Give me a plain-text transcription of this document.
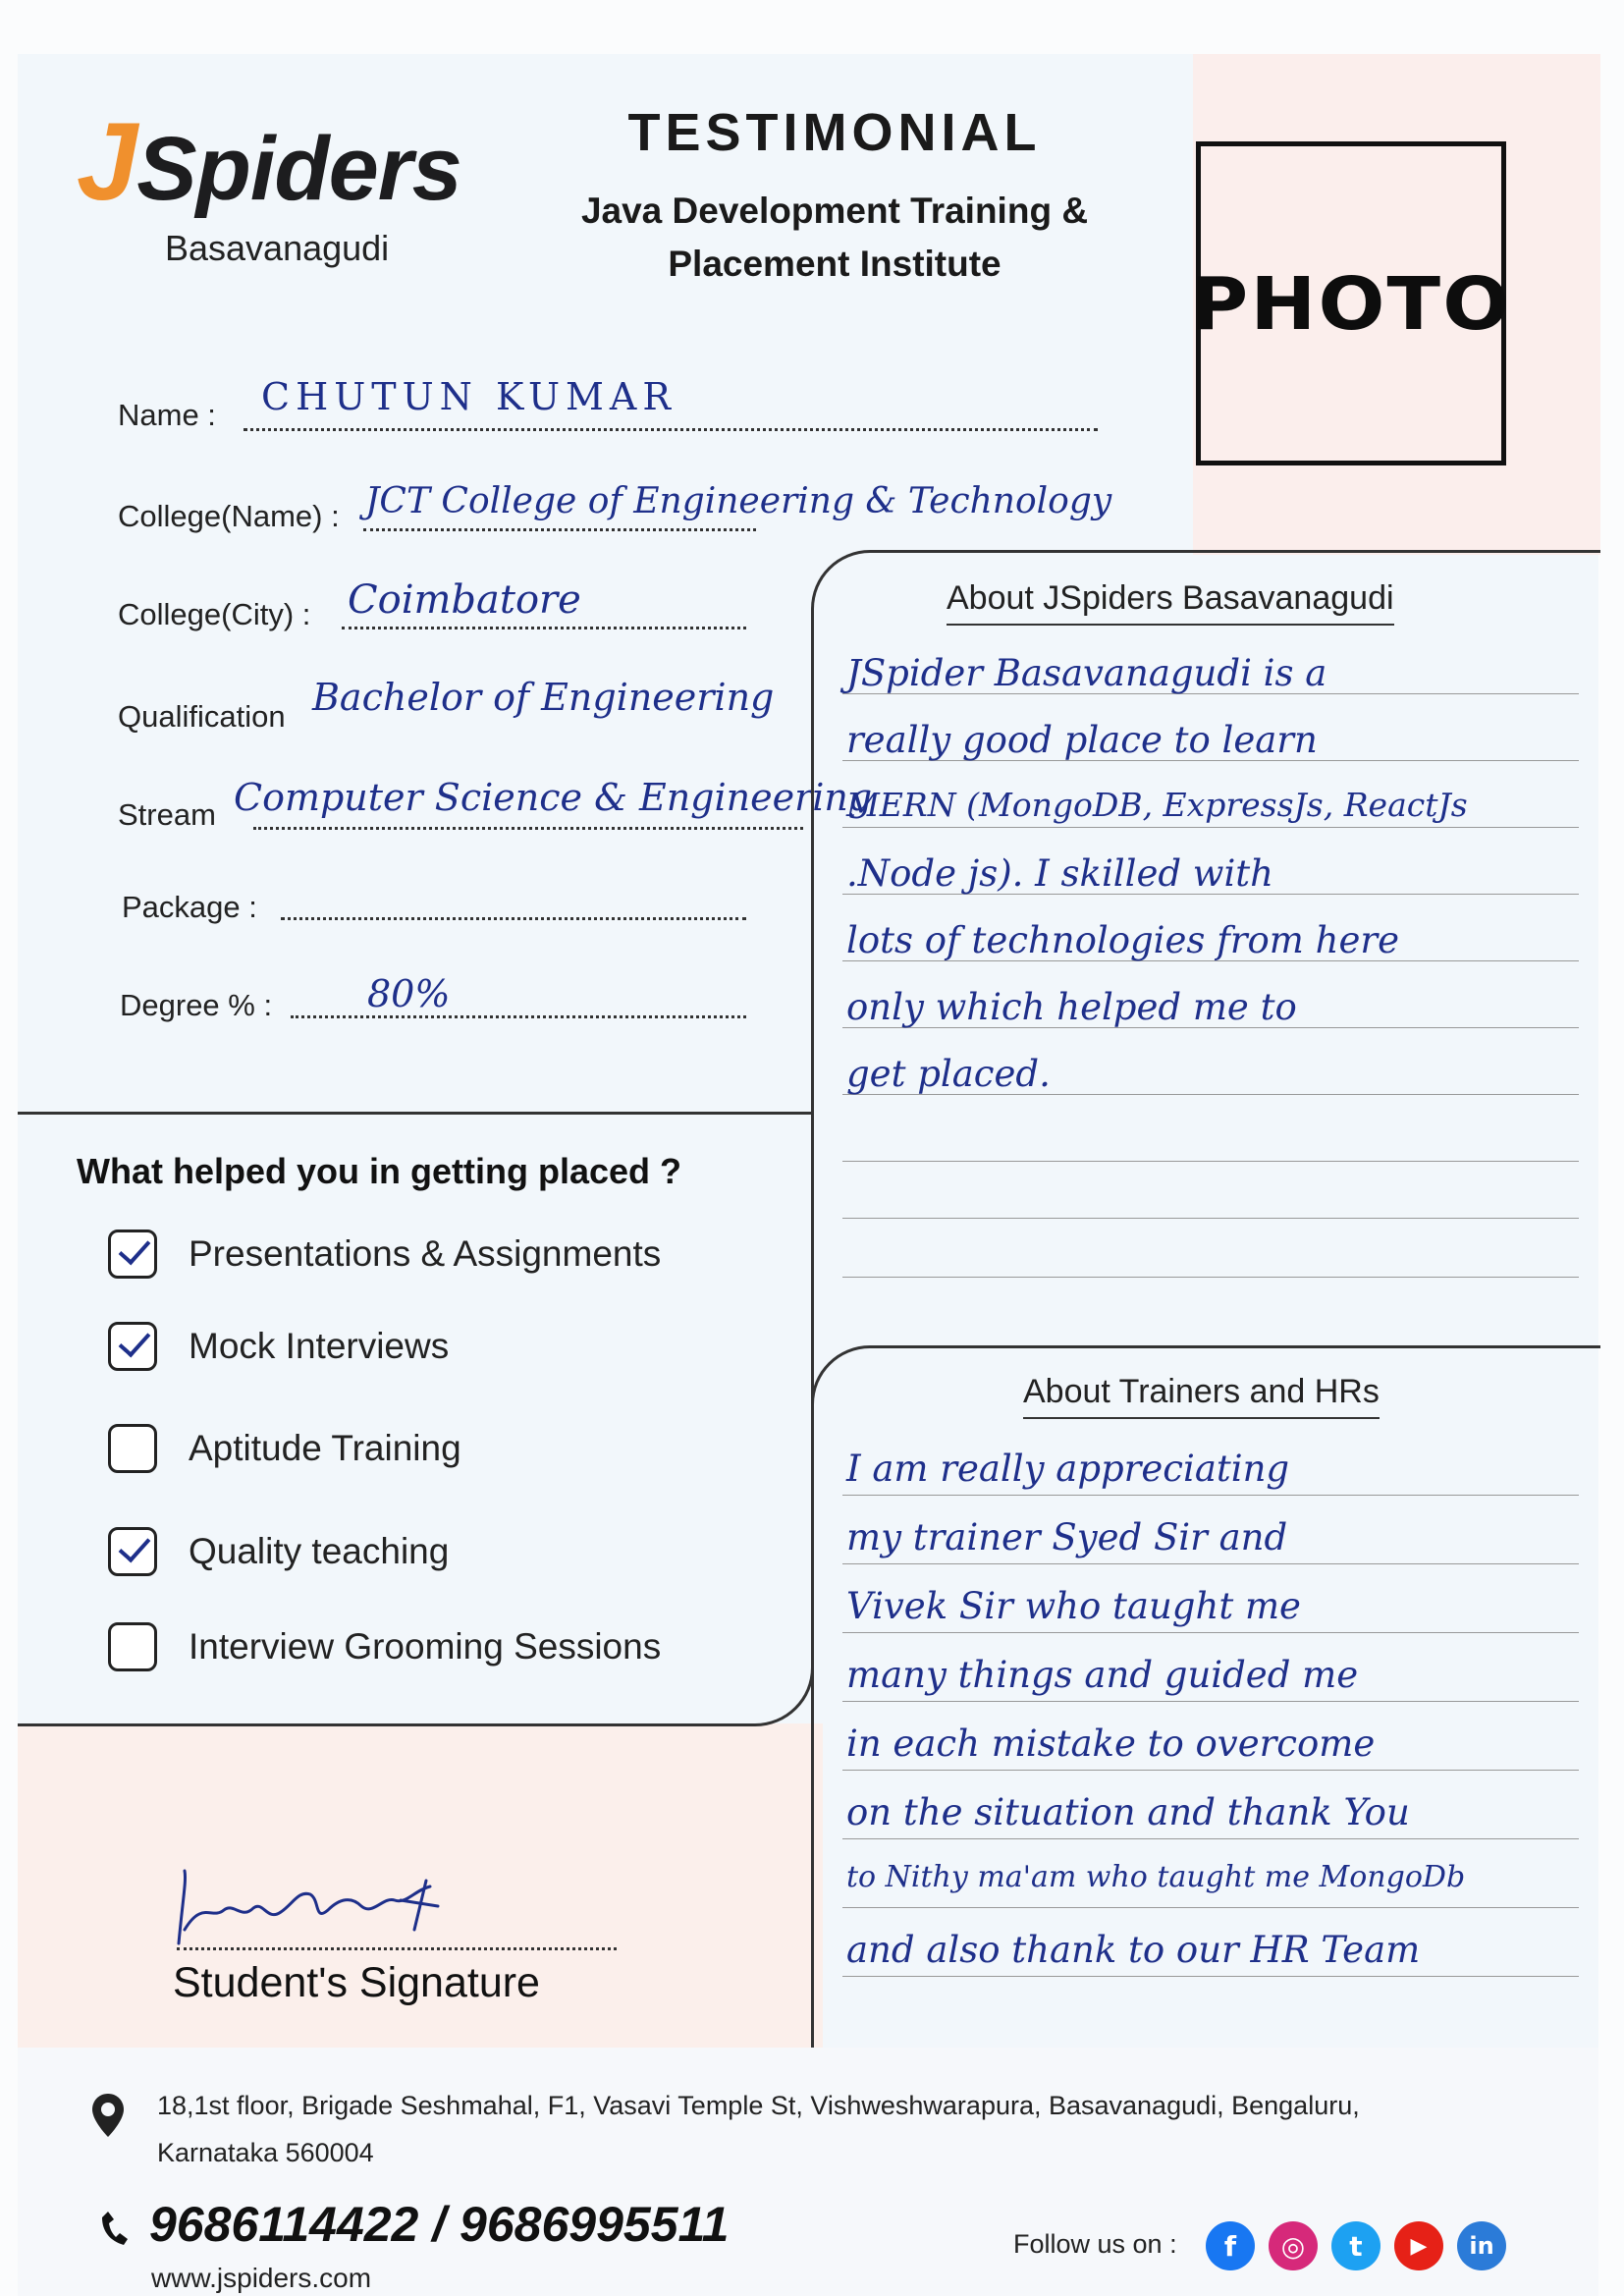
JSpiders
Basavanagudi
TESTIMONIAL
Java Development Training &
Placement Institute	PHOTO
Name : CHUTUN KUMAR
College(Name) : JCT College of Engineering & Technology
College(City) : Coimbatore
Qualification Bachelor of Engineering
Stream Computer Science & Engineering
Package :
Degree % :	80%
What helped you in getting placed ?
Presentations & Assignments
Mock Interviews
Aptitude Training
Quality teaching
Interview Grooming Sessions
About JSpiders Basavanagudi
JSpider Basavanagudi is a
really good place to learn
MERN (MongoDB, ExpressJs, ReactJs
.Node js). I skilled with
lots of technologies from here
only which helped me to
get placed.
About Trainers and HRs
I am really appreciating
my trainer Syed Sir and
Vivek Sir who taught me
many things and guided me
in each mistake to overcome
on the situation and thank You
to Nithy ma'am who taught me MongoDb
and also thank to our HR Team
Student's Signature
18,1st floor, Brigade Seshmahal, F1, Vasavi Temple St, Vishweshwarapura, Basavanagudi, Bengaluru,
Karnataka 560004
9686114422 / 9686995511
www.jspiders.com
Follow us on :	f	◎	t	▶	in
